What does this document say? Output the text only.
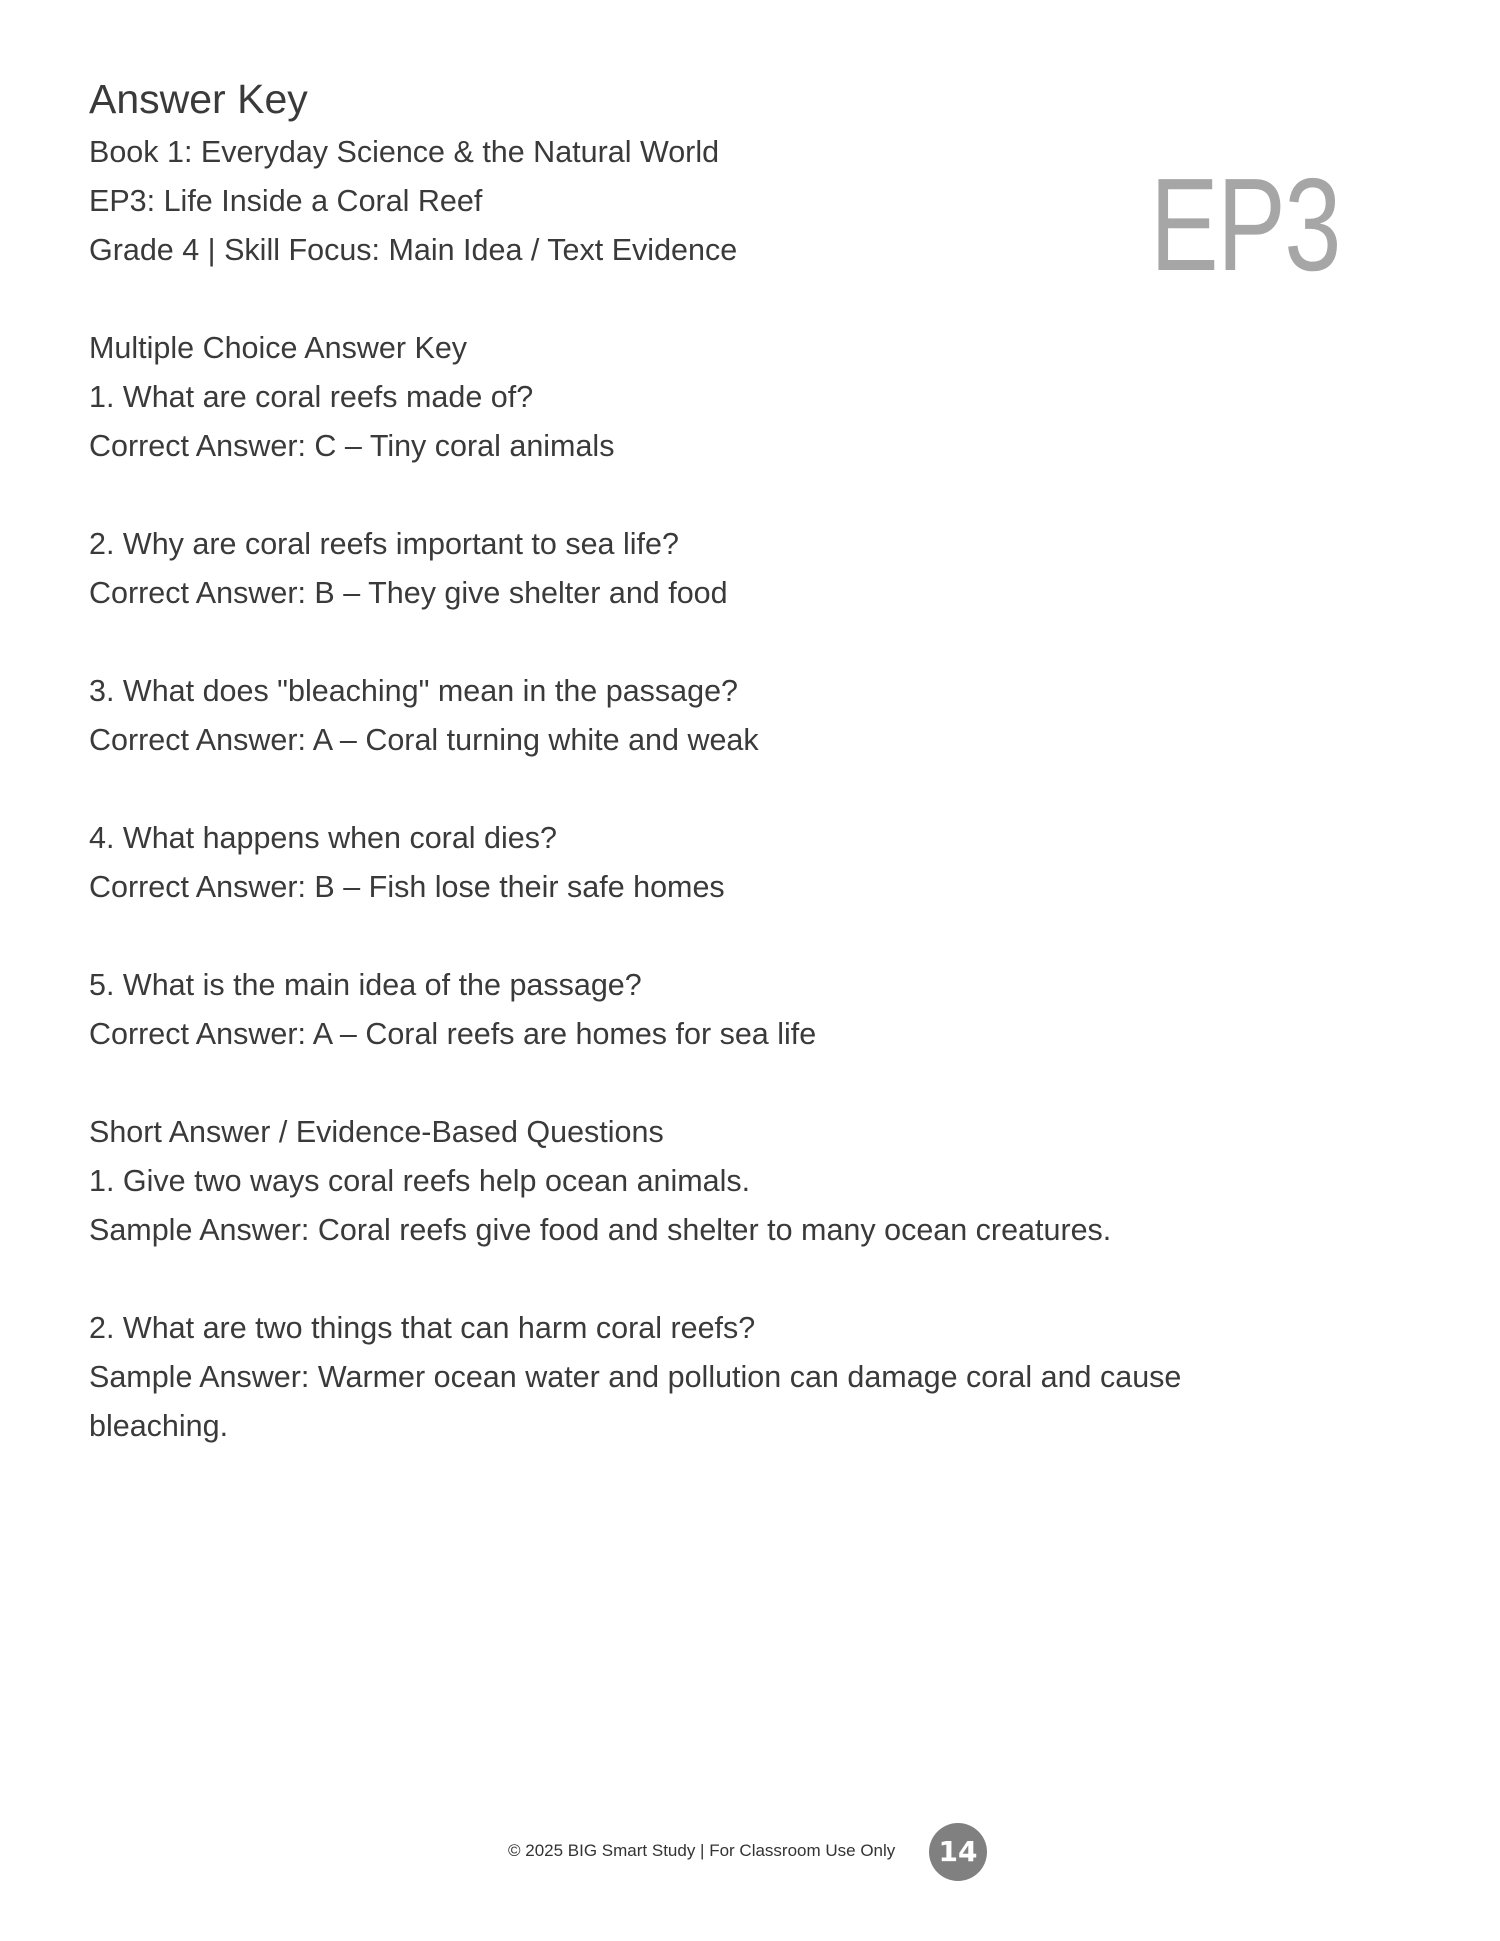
Answer Key
EP3
Book 1: Everyday Science & the Natural World
EP3: Life Inside a Coral Reef
Grade 4 | Skill Focus: Main Idea / Text Evidence
Multiple Choice Answer Key
1. What are coral reefs made of?
Correct Answer: C – Tiny coral animals
2. Why are coral reefs important to sea life?
Correct Answer: B – They give shelter and food
3. What does "bleaching" mean in the passage?
Correct Answer: A – Coral turning white and weak
4. What happens when coral dies?
Correct Answer: B – Fish lose their safe homes
5. What is the main idea of the passage?
Correct Answer: A – Coral reefs are homes for sea life
Short Answer / Evidence-Based Questions
1. Give two ways coral reefs help ocean animals.
Sample Answer: Coral reefs give food and shelter to many ocean creatures.
2. What are two things that can harm coral reefs?
Sample Answer: Warmer ocean water and pollution can damage coral and cause bleaching.
© 2025 BIG Smart Study | For Classroom Use Only	14
